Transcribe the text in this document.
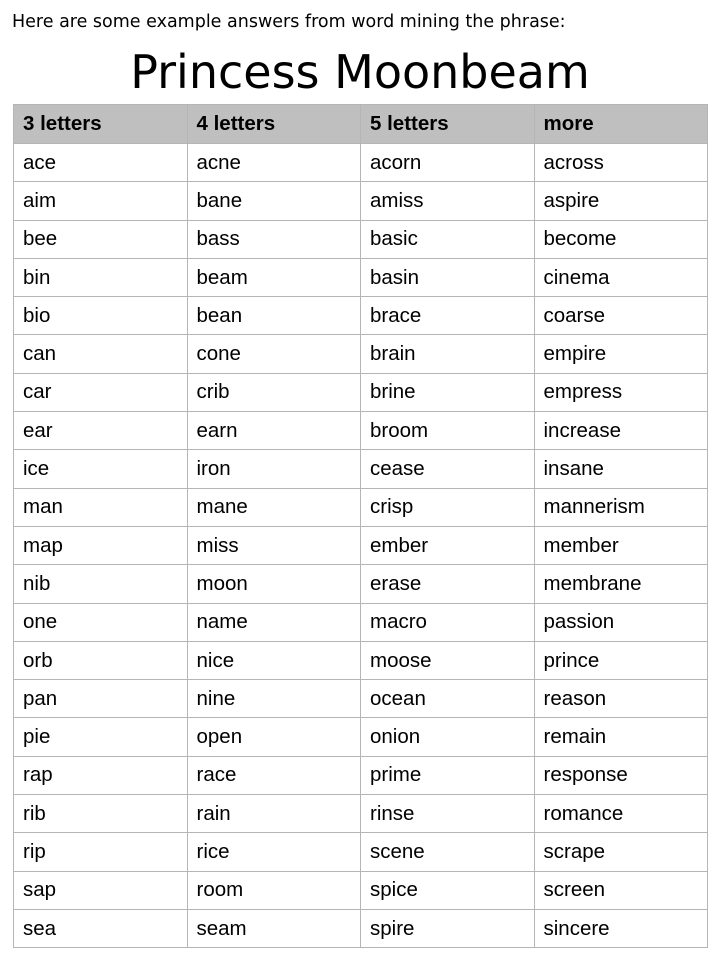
Here are some example answers from word mining the phrase:
Princess Moonbeam
3 letters	4 letters	5 letters	more
ace	acne	acorn	across
aim	bane	amiss	aspire
bee	bass	basic	become
bin	beam	basin	cinema
bio	bean	brace	coarse
can	cone	brain	empire
car	crib	brine	empress
ear	earn	broom	increase
ice	iron	cease	insane
man	mane	crisp	mannerism
map	miss	ember	member
nib	moon	erase	membrane
one	name	macro	passion
orb	nice	moose	prince
pan	nine	ocean	reason
pie	open	onion	remain
rap	race	prime	response
rib	rain	rinse	romance
rip	rice	scene	scrape
sap	room	spice	screen
sea	seam	spire	sincere
